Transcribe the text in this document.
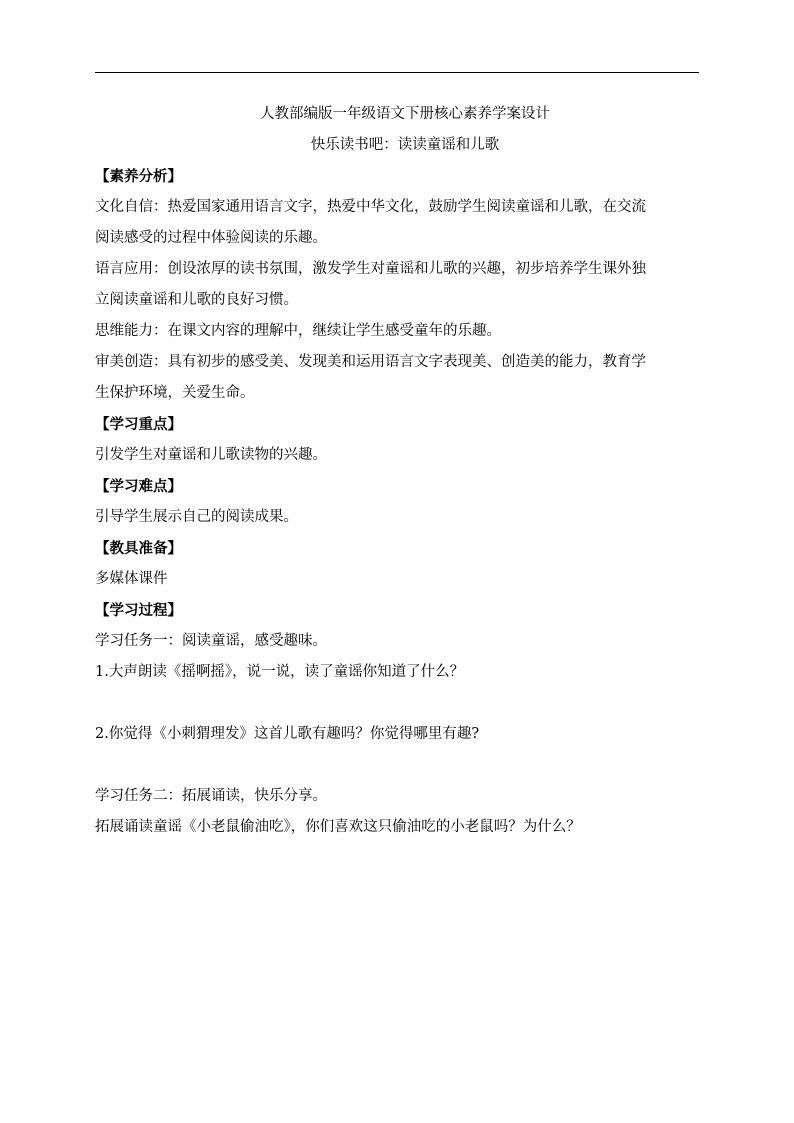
人教部编版一年级语文下册核心素养学案设计
快乐读书吧：读读童谣和儿歌
【素养分析】
文化自信：热爱国家通用语言文字，热爱中华文化，鼓励学生阅读童谣和儿歌，在交流
阅读感受的过程中体验阅读的乐趣。
语言应用：创设浓厚的读书氛围，激发学生对童谣和儿歌的兴趣，初步培养学生课外独
立阅读童谣和儿歌的良好习惯。
思维能力：在课文内容的理解中，继续让学生感受童年的乐趣。
审美创造：具有初步的感受美、发现美和运用语言文字表现美、创造美的能力，教育学
生保护环境，关爱生命。
【学习重点】
引发学生对童谣和儿歌读物的兴趣。
【学习难点】
引导学生展示自己的阅读成果。
【教具准备】
多媒体课件
【学习过程】
学习任务一：阅读童谣，感受趣味。
1.大声朗读《摇啊摇》，说一说，读了童谣你知道了什么？
2.你觉得《小刺猬理发》这首儿歌有趣吗？你觉得哪里有趣?
学习任务二：拓展诵读，快乐分享。
拓展诵读童谣《小老鼠偷油吃》，你们喜欢这只偷油吃的小老鼠吗？为什么？
